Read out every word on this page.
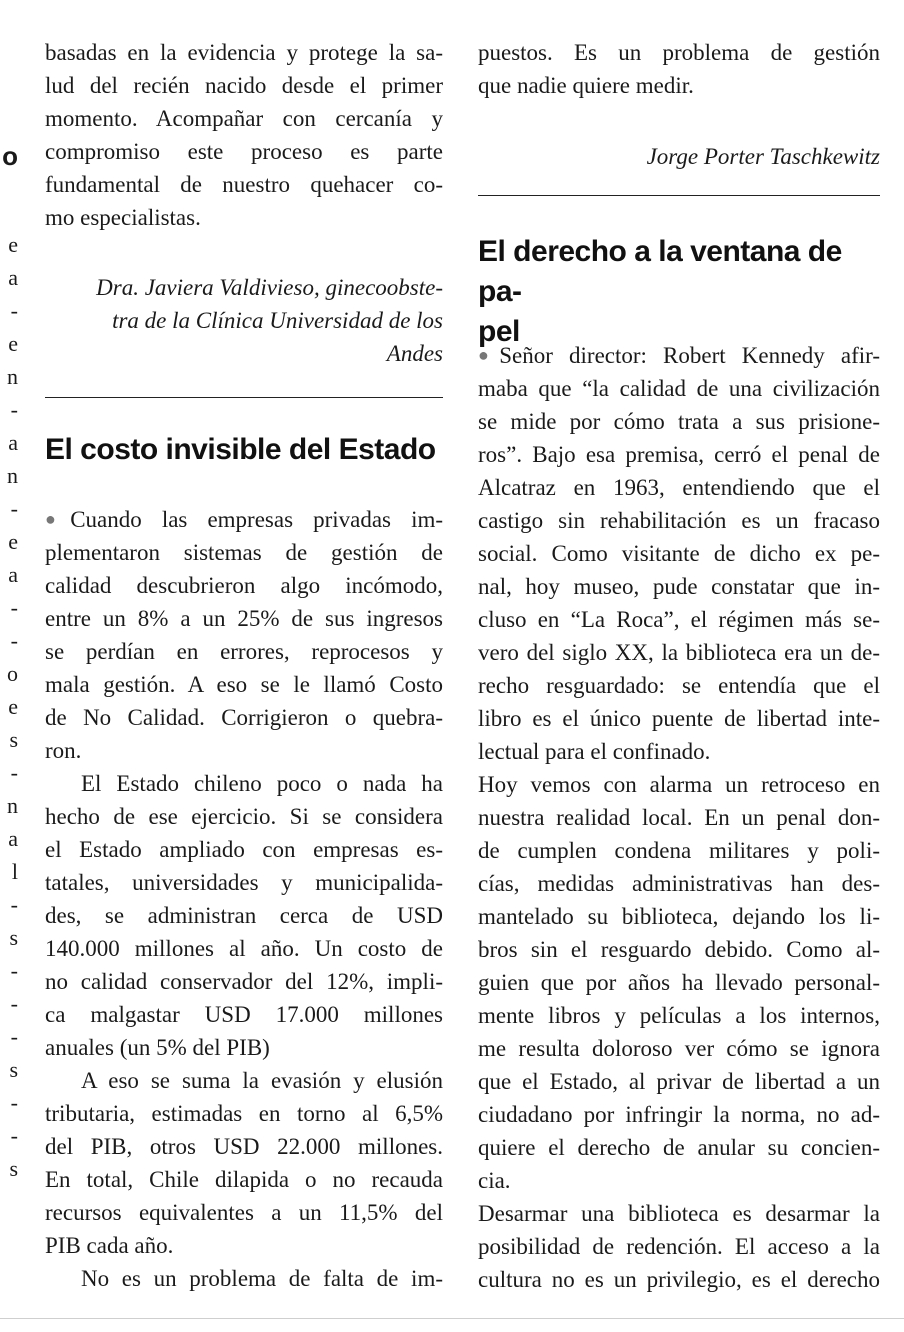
o
e
a
-
e
n
-
a
n
-
e
a
-
-
o
e
s
-
n
a
l
-
s
-
-
-
s
-
-
s
basadas en la evidencia y protege la sa-
lud del recién nacido desde el primer
momento. Acompañar con cercanía y
compromiso este proceso es parte
fundamental de nuestro quehacer co-
mo especialistas.
Dra. Javiera Valdivieso, ginecoobste-
tra de la Clínica Universidad de los
Andes
El costo invisible del Estado
●Cuando las empresas privadas im-
plementaron sistemas de gestión de
calidad descubrieron algo incómodo,
entre un 8% a un 25% de sus ingresos
se perdían en errores, reprocesos y
mala gestión. A eso se le llamó Costo
de No Calidad. Corrigieron o quebra-
ron.
El Estado chileno poco o nada ha
hecho de ese ejercicio. Si se considera
el Estado ampliado con empresas es-
tatales, universidades y municipalida-
des, se administran cerca de USD
140.000 millones al año. Un costo de
no calidad conservador del 12%, impli-
ca malgastar USD 17.000 millones
anuales (un 5% del PIB)
A eso se suma la evasión y elusión
tributaria, estimadas en torno al 6,5%
del PIB, otros USD 22.000 millones.
En total, Chile dilapida o no recauda
recursos equivalentes a un 11,5% del
PIB cada año.
No es un problema de falta de im-
puestos. Es un problema de gestión
que nadie quiere medir.
Jorge Porter Taschkewitz
El derecho a la ventana de pa-
pel
●Señor director: Robert Kennedy afir-
maba que “la calidad de una civilización
se mide por cómo trata a sus prisione-
ros”. Bajo esa premisa, cerró el penal de
Alcatraz en 1963, entendiendo que el
castigo sin rehabilitación es un fracaso
social. Como visitante de dicho ex pe-
nal, hoy museo, pude constatar que in-
cluso en “La Roca”, el régimen más se-
vero del siglo XX, la biblioteca era un de-
recho resguardado: se entendía que el
libro es el único puente de libertad inte-
lectual para el confinado.
Hoy vemos con alarma un retroceso en
nuestra realidad local. En un penal don-
de cumplen condena militares y poli-
cías, medidas administrativas han des-
mantelado su biblioteca, dejando los li-
bros sin el resguardo debido. Como al-
guien que por años ha llevado personal-
mente libros y películas a los internos,
me resulta doloroso ver cómo se ignora
que el Estado, al privar de libertad a un
ciudadano por infringir la norma, no ad-
quiere el derecho de anular su concien-
cia.
Desarmar una biblioteca es desarmar la
posibilidad de redención. El acceso a la
cultura no es un privilegio, es el derecho
